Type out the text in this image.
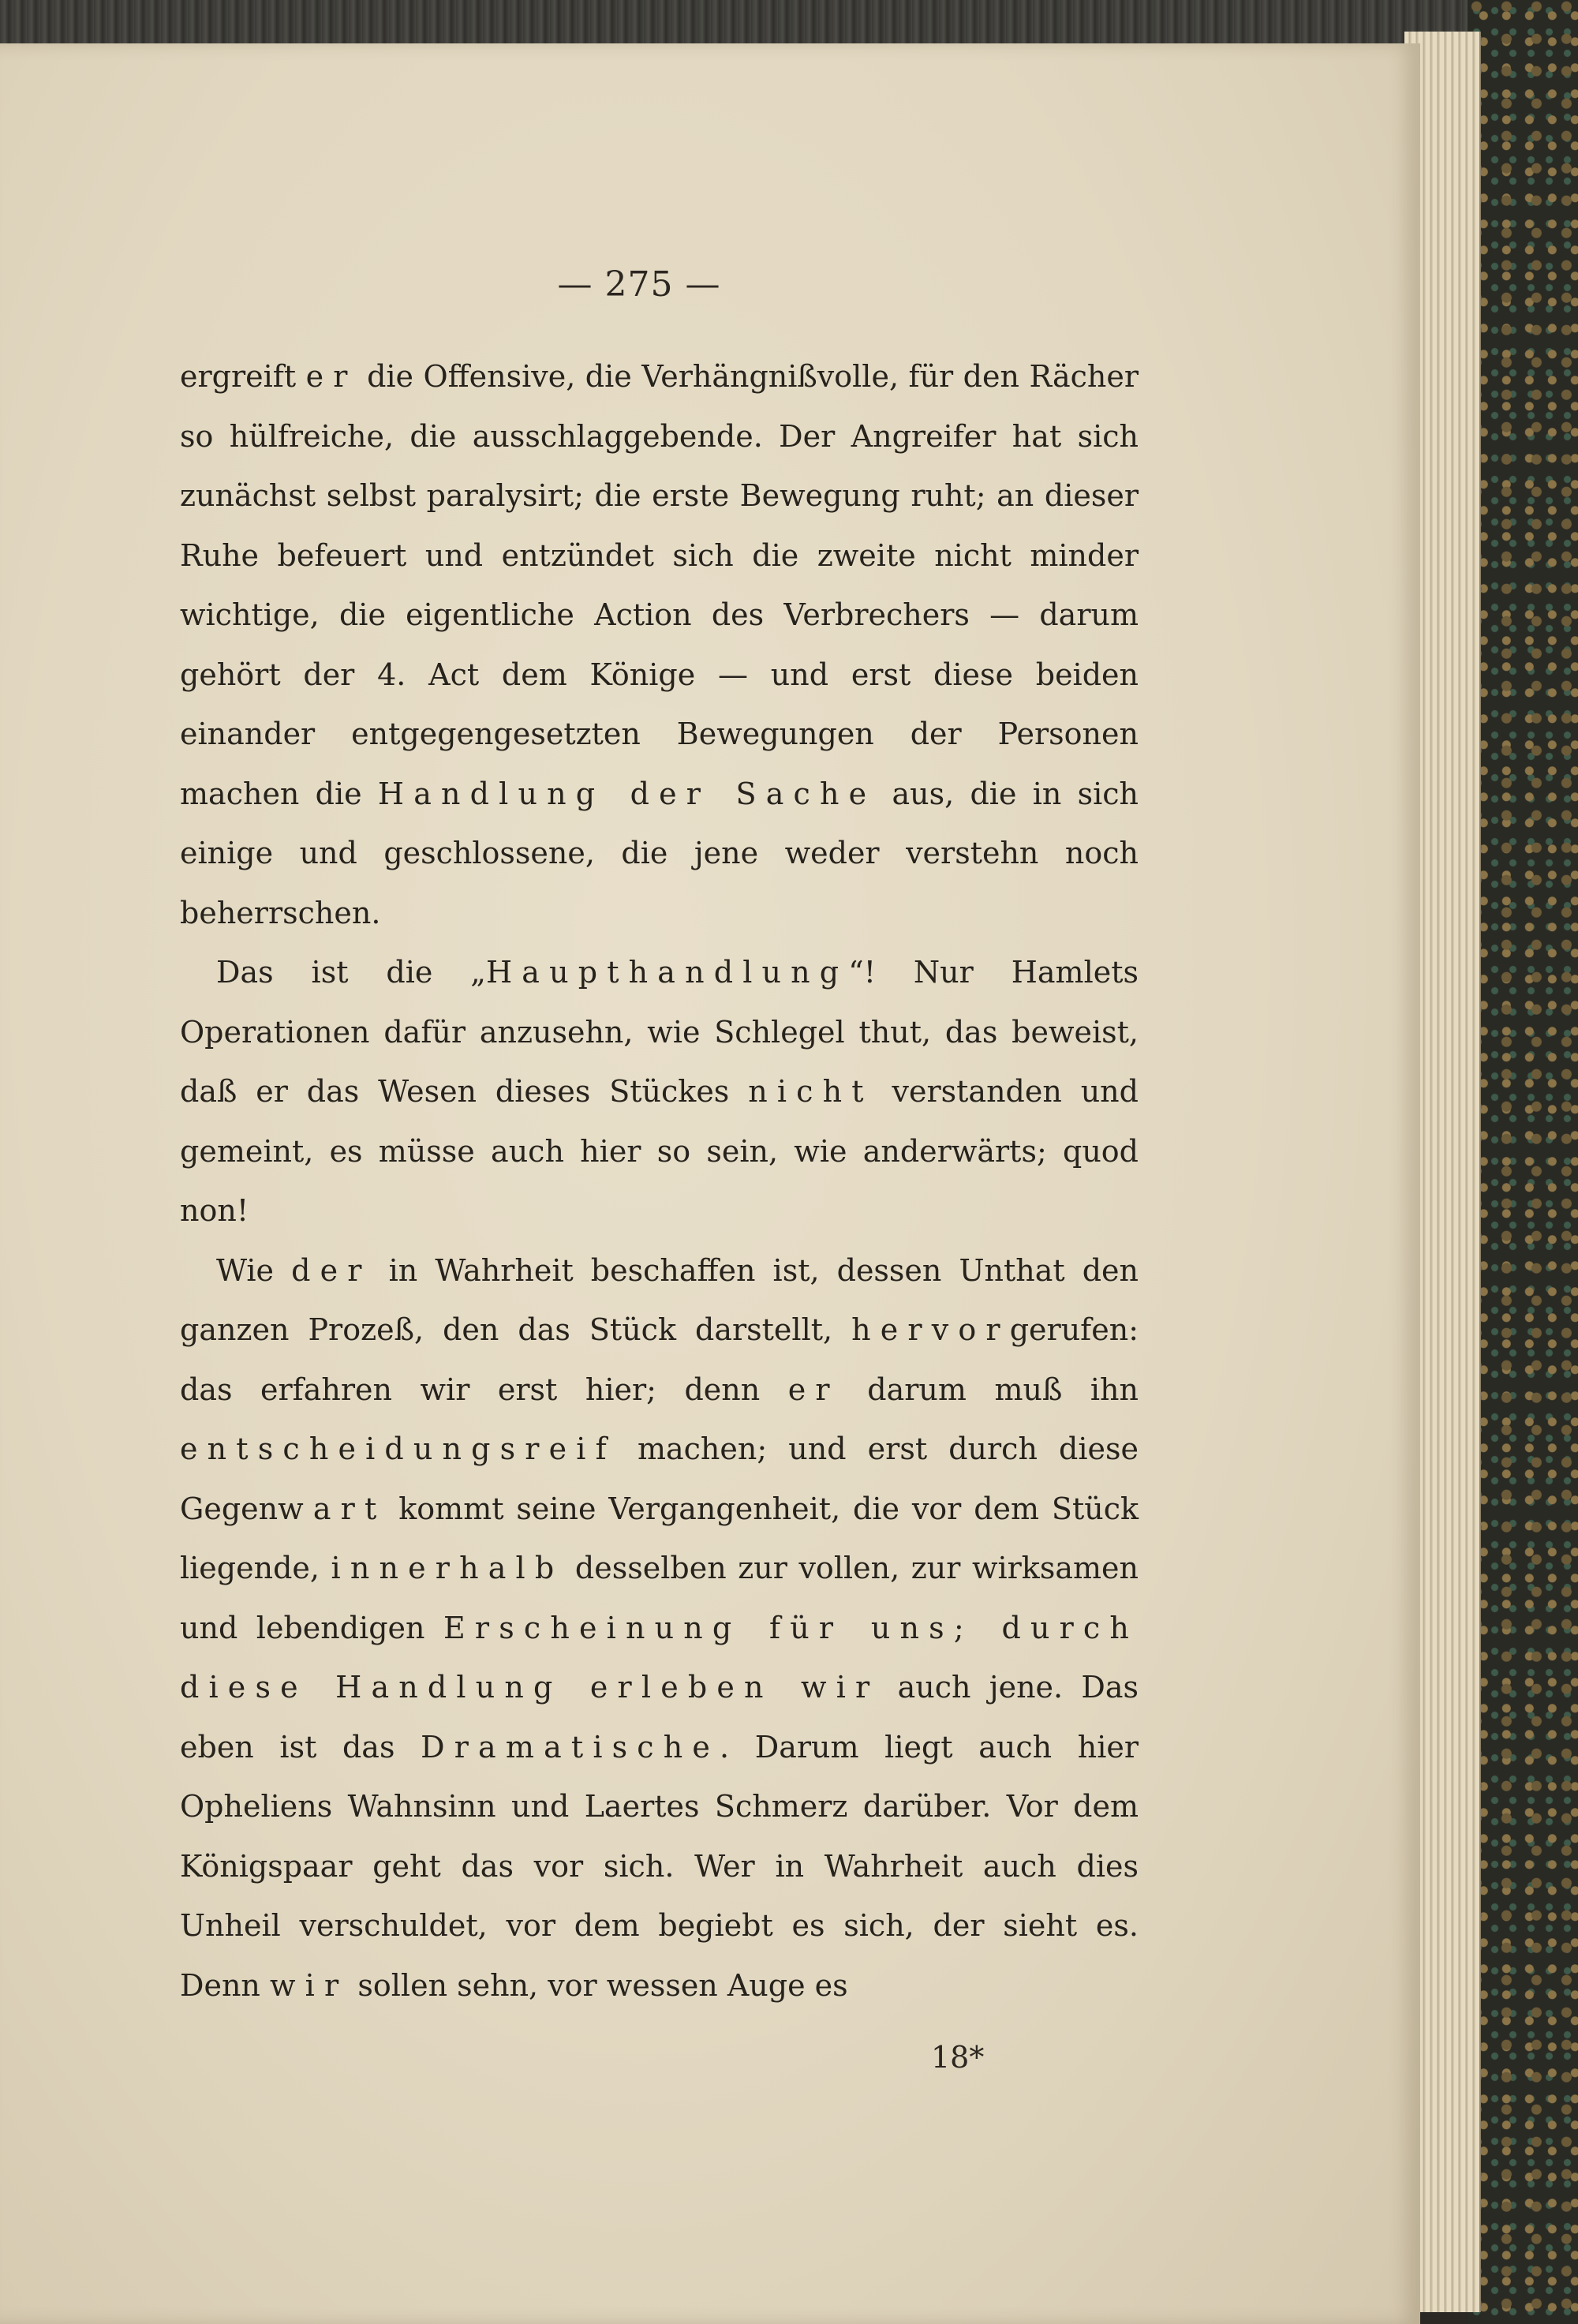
— 275 —

ergreift er die Offensive, die Verhängnißvolle, für den Rächer so hülfreiche, die ausschlaggebende. Der Angreifer hat sich zunächst selbst paralysirt; die erste Bewegung ruht; an dieser Ruhe befeuert und entzündet sich die zweite nicht minder wichtige, die eigentliche Action des Verbrechers — darum gehört der 4. Act dem Könige — und erst diese beiden einander entgegengesetzten Bewegungen der Personen machen die Handlung der Sache aus, die in sich einige und geschlossene, die jene weder verstehn noch beherrschen.

Das ist die „Haupthandlung“! Nur Hamlets Operationen dafür anzusehn, wie Schlegel thut, das beweist, daß er das Wesen dieses Stückes nicht verstanden und gemeint, es müsse auch hier so sein, wie anderwärts; quod non!

Wie der in Wahrheit beschaffen ist, dessen Unthat den ganzen Prozeß, den das Stück darstellt, hervorgerufen: das erfahren wir erst hier; denn er darum muß ihn entscheidungsreif machen; und erst durch diese Gegenwart kommt seine Vergangenheit, die vor dem Stück liegende, innerhalb desselben zur vollen, zur wirksamen und lebendigen Erscheinung für uns; durch diese Handlung erleben wir auch jene. Das eben ist das Dramatische. Darum liegt auch hier Opheliens Wahnsinn und Laertes Schmerz darüber. Vor dem Königspaar geht das vor sich. Wer in Wahrheit auch dies Unheil verschuldet, vor dem begiebt es sich, der sieht es. Denn wir sollen sehn, vor wessen Auge es

18*
